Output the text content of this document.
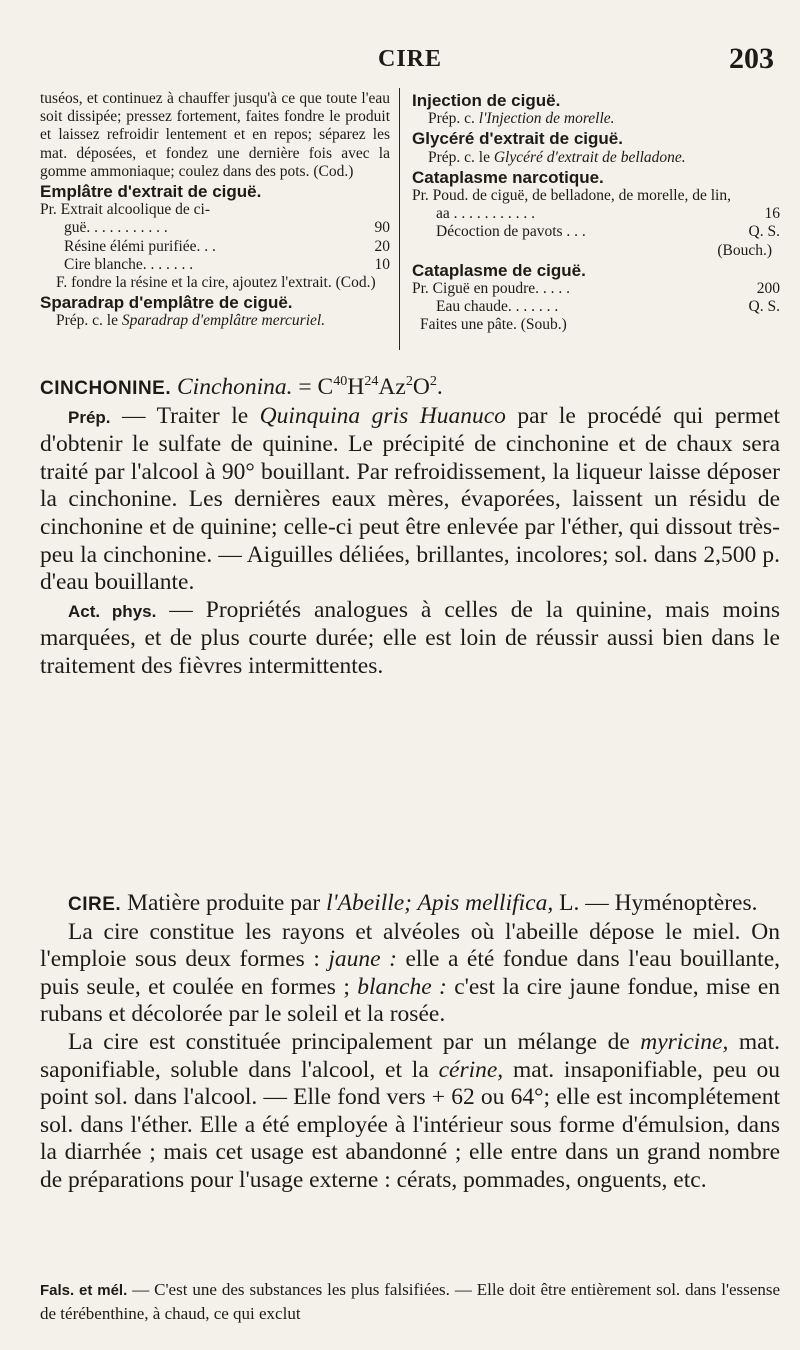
CIRE	203

tuséos, et continuez à chauffer jusqu'à ce que toute l'eau soit dissipée; pressez fortement, faites fondre le produit et laissez refroidir lentement et en repos; séparez les mat. déposées, et fondez une dernière fois avec la gomme ammoniaque; coulez dans des pots. (Cod.)

Emplâtre d'extrait de ciguë.
Pr. Extrait alcoolique de ci-
guë. . . . . . . . . . .	90
Résine élémi purifiée. . .	20
Cire blanche. . . . . . .	10

F. fondre la résine et la cire, ajoutez l'extrait. (Cod.)

Sparadrap d'emplâtre de ciguë.

Prép. c. le Sparadrap d'emplâtre mercuriel.

Injection de ciguë.

Prép. c. l'Injection de morelle.

Glycéré d'extrait de ciguë.

Prép. c. le Glycéré d'extrait de belladone.

Cataplasme narcotique.

Pr. Poud. de ciguë, de belladone, de morelle, de lin,

aa . . . . . . . . . . .	16
Décoction de pavots . . .	Q. S.
(Bouch.)
Cataplasme de ciguë.
Pr. Ciguë en poudre. . . . .	200
Eau chaude. . . . . . .	Q. S.
Faites une pâte. (Soub.)

CINCHONINE. Cinchonina. = $C^{40}H^{24}Az^2O^2$.

Prép. — Traiter le Quinquina gris Huanuco par le procédé qui permet d'obtenir le sulfate de quinine. Le précipité de cinchonine et de chaux sera traité par l'alcool à 90° bouillant. Par refroidissement, la liqueur laisse déposer la cinchonine. Les dernières eaux mères, évaporées, laissent un résidu de cinchonine et de quinine; celle-ci peut être enlevée par l'éther, qui dissout très-peu la cinchonine. — Aiguilles déliées, brillantes, incolores; sol. dans 2,500 p. d'eau bouillante.

Act. phys. — Propriétés analogues à celles de la quinine, mais moins marquées, et de plus courte durée; elle est loin de réussir aussi bien dans le traitement des fièvres intermittentes.

CIRE. Matière produite par l'Abeille; Apis mellifica, L. — Hyménoptères.

La cire constitue les rayons et alvéoles où l'abeille dépose le miel. On l'emploie sous deux formes : jaune : elle a été fondue dans l'eau bouillante, puis seule, et coulée en formes ; blanche : c'est la cire jaune fondue, mise en rubans et décolorée par le soleil et la rosée.

La cire est constituée principalement par un mélange de myricine, mat. saponifiable, soluble dans l'alcool, et la cérine, mat. insaponifiable, peu ou point sol. dans l'alcool. — Elle fond vers + 62 ou 64°; elle est incomplétement sol. dans l'éther. Elle a été employée à l'intérieur sous forme d'émulsion, dans la diarrhée ; mais cet usage est abandonné ; elle entre dans un grand nombre de préparations pour l'usage externe : cérats, pommades, onguents, etc.

Fals. et mél. — C'est une des substances les plus falsifiées. — Elle doit être entièrement sol. dans l'essense de térébenthine, à chaud, ce qui exclut
